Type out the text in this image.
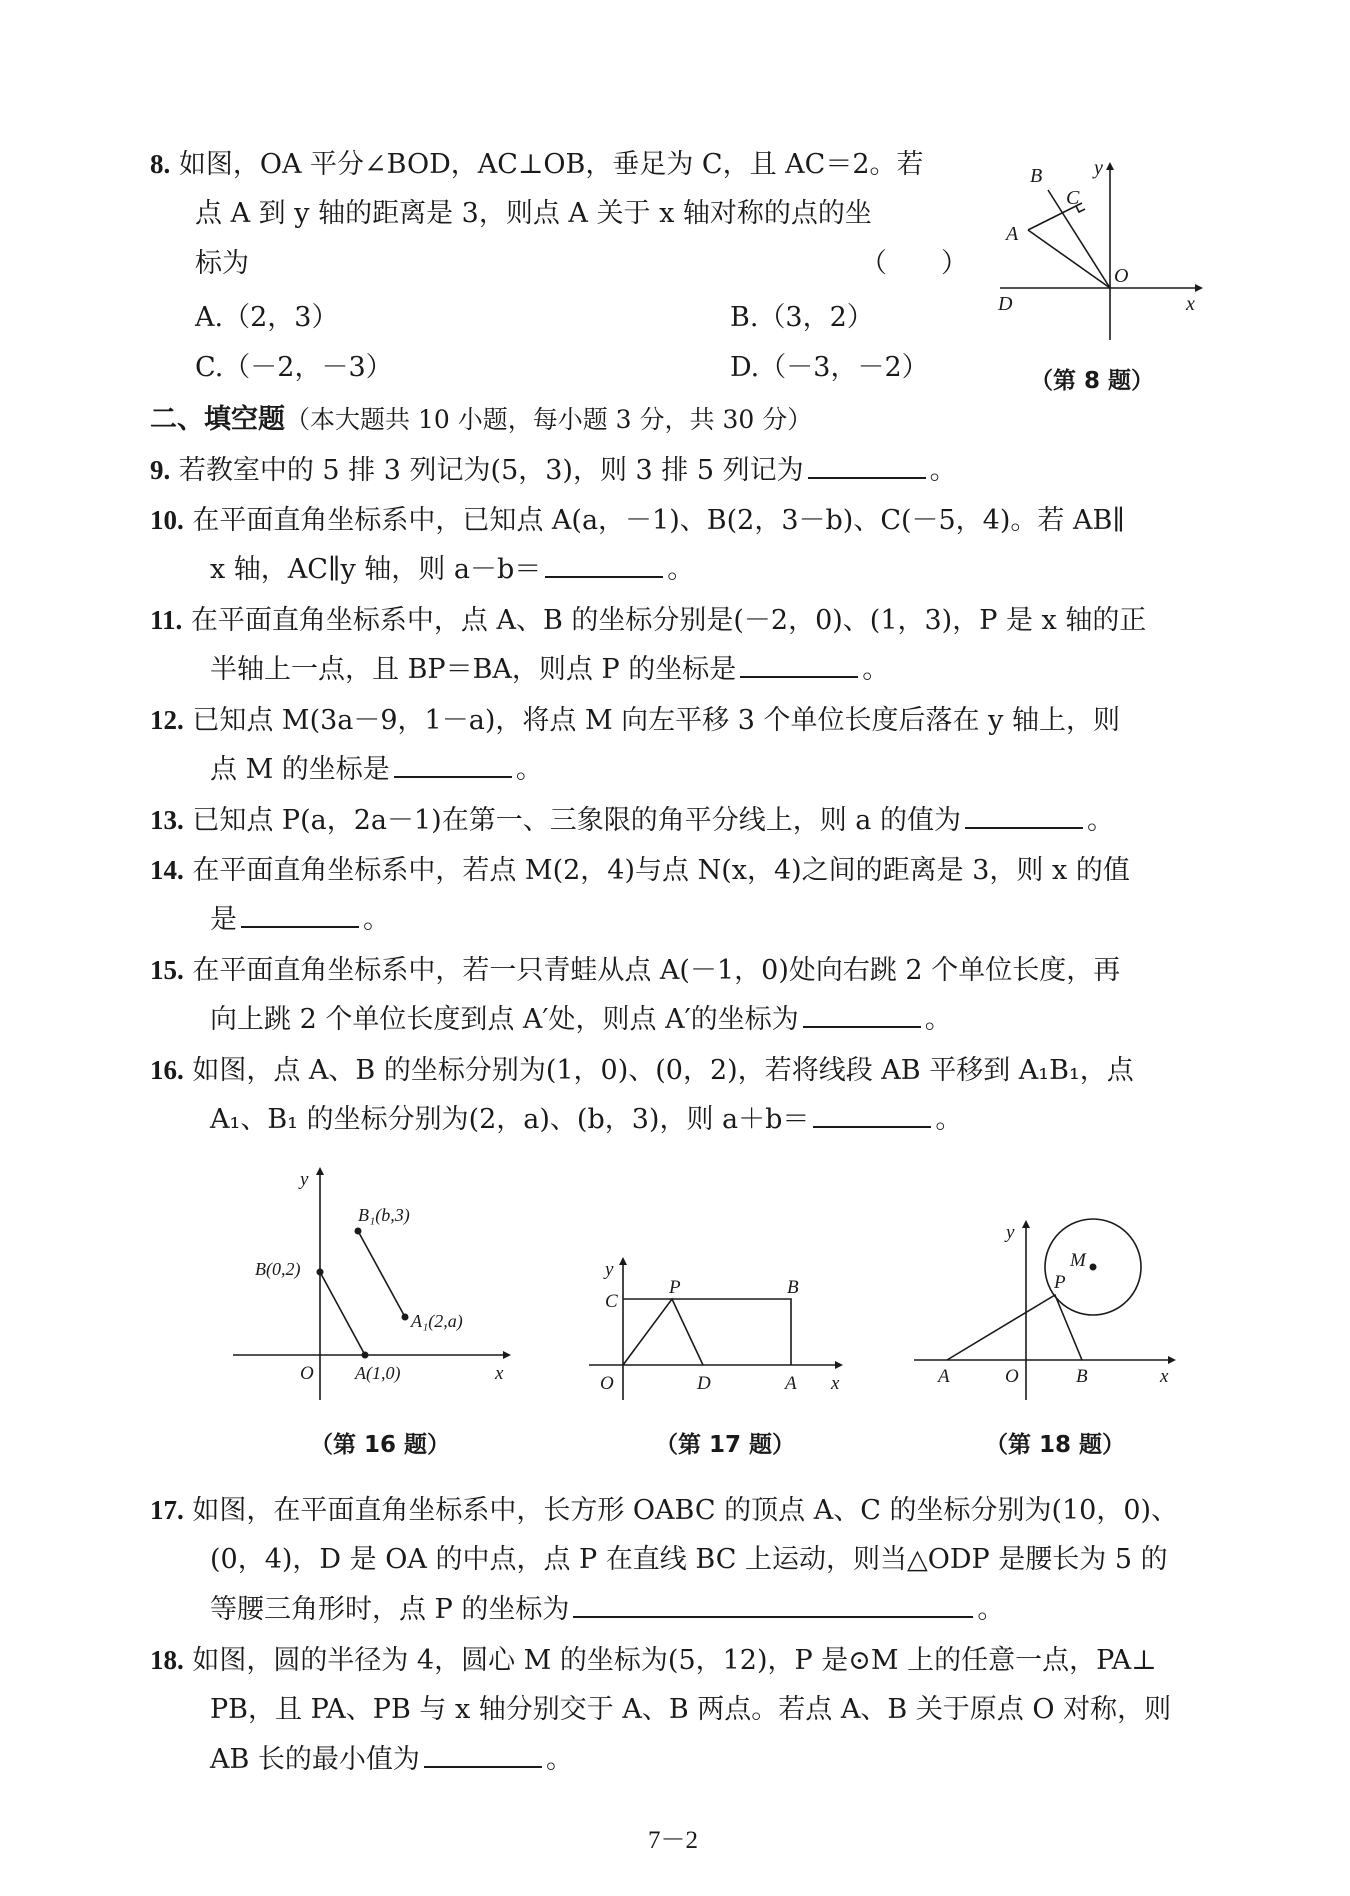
8. 如图，OA 平分∠BOD，AC⊥OB，垂足为 C，且 AC＝2。若
点 A 到 y 轴的距离是 3，则点 A 关于 x 轴对称的点的坐
标为	（　　）
A.（2，3）	B.（3，2）
C.（－2，－3）	D.（－3，－2）
B
C
A
O
D	x
y
（第 8 题）
二、填空题（本大题共 10 小题，每小题 3 分，共 30 分）
9. 若教室中的 5 排 3 列记为(5，3)，则 3 排 5 列记为	。
10. 在平面直角坐标系中，已知点 A(a，－1)、B(2，3－b)、C(－5，4)。若 AB∥
x 轴，AC∥y 轴，则 a－b＝	。
11. 在平面直角坐标系中，点 A、B 的坐标分别是(－2，0)、(1，3)，P 是 x 轴的正
半轴上一点，且 BP＝BA，则点 P 的坐标是	。
12. 已知点 M(3a－9，1－a)，将点 M 向左平移 3 个单位长度后落在 y 轴上，则
点 M 的坐标是	。
13. 已知点 P(a，2a－1)在第一、三象限的角平分线上，则 a 的值为	。
14. 在平面直角坐标系中，若点 M(2，4)与点 N(x，4)之间的距离是 3，则 x 的值
是	。
15. 在平面直角坐标系中，若一只青蛙从点 A(－1，0)处向右跳 2 个单位长度，再
向上跳 2 个单位长度到点 A′处，则点 A′的坐标为	。
16. 如图，点 A、B 的坐标分别为(1，0)、(0，2)，若将线段 AB 平移到 A₁B₁，点
A₁、B₁ 的坐标分别为(2，a)、(b，3)，则 a＋b＝	。
y
x
O
B(0,2)
A(1,0)
B₁(b,3)
A₁(2,a)
（第 16 题）
y
x
O
C
P	B
D	A
（第 17 题）
y
x
O
M
P
A	B
（第 18 题）
17. 如图，在平面直角坐标系中，长方形 OABC 的顶点 A、C 的坐标分别为(10，0)、
(0，4)，D 是 OA 的中点，点 P 在直线 BC 上运动，则当△ODP 是腰长为 5 的
等腰三角形时，点 P 的坐标为	。
18. 如图，圆的半径为 4，圆心 M 的坐标为(5，12)，P 是⊙M 上的任意一点，PA⊥
PB，且 PA、PB 与 x 轴分别交于 A、B 两点。若点 A、B 关于原点 O 对称，则
AB 长的最小值为	。
7－2
